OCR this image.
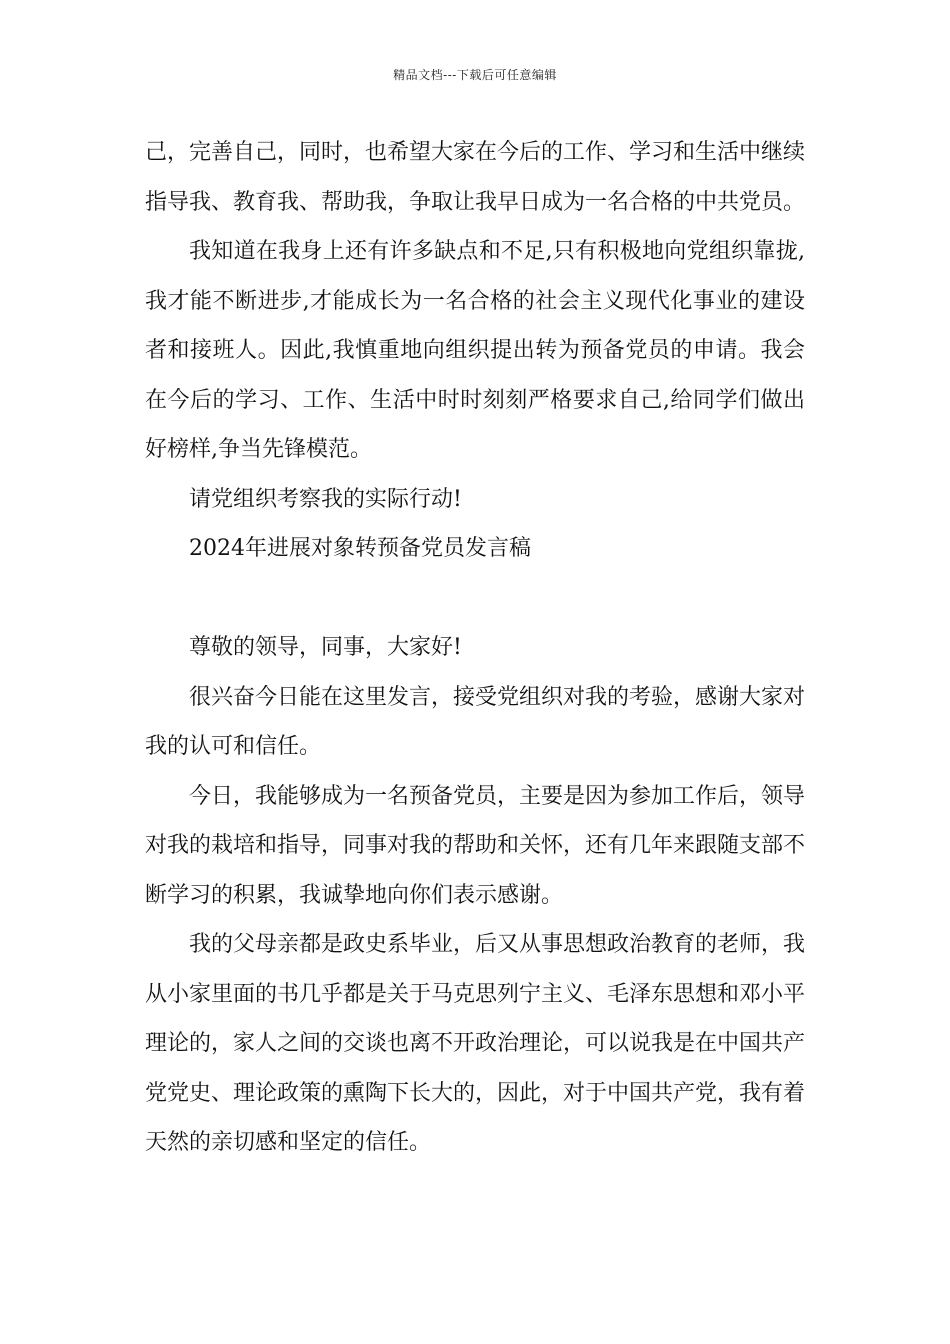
精品文档---下载后可任意编辑

己，完善自己，同时，也希望大家在今后的工作、学习和生活中继续指导我、教育我、帮助我，争取让我早日成为一名合格的中共党员。

我知道在我身上还有许多缺点和不足,只有积极地向党组织靠拢,我才能不断进步,才能成长为一名合格的社会主义现代化事业的建设者和接班人。因此,我慎重地向组织提出转为预备党员的申请。我会在今后的学习、工作、生活中时时刻刻严格要求自己,给同学们做出好榜样,争当先锋模范。

请党组织考察我的实际行动!

2024年进展对象转预备党员发言稿

尊敬的领导，同事，大家好!

很兴奋今日能在这里发言，接受党组织对我的考验，感谢大家对我的认可和信任。

今日，我能够成为一名预备党员，主要是因为参加工作后，领导对我的栽培和指导，同事对我的帮助和关怀，还有几年来跟随支部不断学习的积累，我诚挚地向你们表示感谢。

我的父母亲都是政史系毕业，后又从事思想政治教育的老师，我从小家里面的书几乎都是关于马克思列宁主义、毛泽东思想和邓小平理论的，家人之间的交谈也离不开政治理论，可以说我是在中国共产党党史、理论政策的熏陶下长大的，因此，对于中国共产党，我有着天然的亲切感和坚定的信任。
